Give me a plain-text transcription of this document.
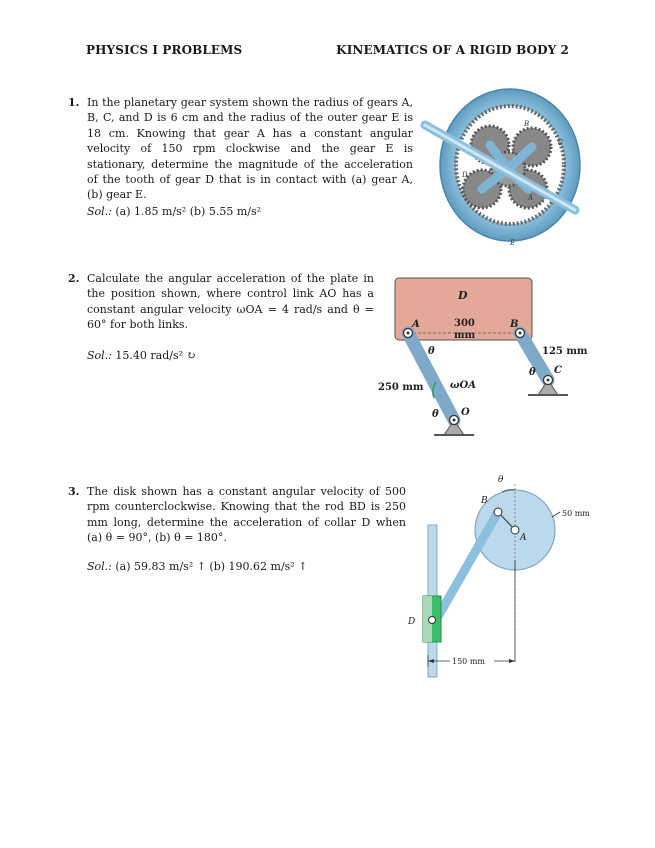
PHYSICS I PROBLEMS	KINEMATICS OF A RIGID BODY 2
1. In the planetary gear system shown the radius of gears A, B, C, and D is 6 cm and the radius of the outer gear E is 18 cm. Knowing that gear A has a constant angular velocity of 150 rpm clockwise and the gear E is stationary, determine the magnitude of the acceleration of the tooth of gear D that is in contact with (a) gear A, (b) gear E.
Sol.: (a) 1.85 m/s² (b) 5.55 m/s²
B
C
D
A
E
2. Calculate the angular acceleration of the plate in the position shown, where control link AO has a constant angular velocity ωOA = 4 rad/s and θ = 60° for both links.
Sol.: 15.40 rad/s² ↻
D
A	B
C
O
300
mm
250 mm
125 mm
θ
θ
θ
ωOA
3. The disk shown has a constant angular velocity of 500 rpm counterclockwise. Knowing that the rod BD is 250 mm long, determine the acceleration of collar D when (a) θ = 90°, (b) θ = 180°.
Sol.: (a) 59.83 m/s² ↑ (b) 190.62 m/s² ↑
θ
B
A
D
50 mm
150 mm
